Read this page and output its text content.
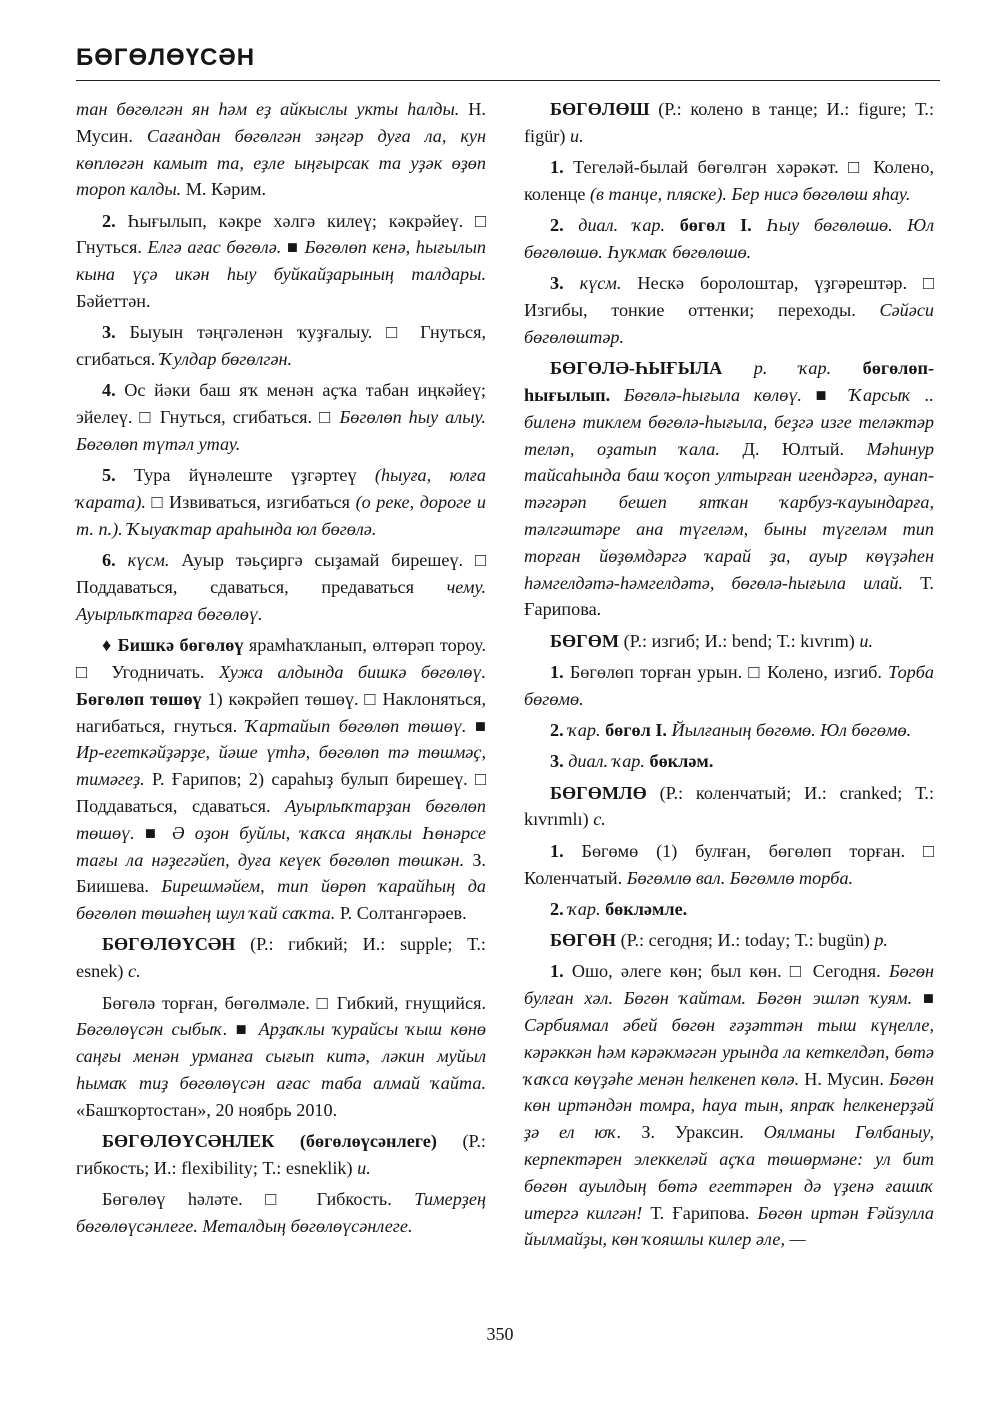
БӨГӨЛӨҮСӘН

тан бөгөлгән ян һәм еҙ айкыслы укты һалды. Н. Мусин. Сағандан бөгөлгән зәңгәр дуға ла, кун көплөгән камыт та, еҙле ыңғырсак та уҙәк өҙөп тороп калды. М. Кәрим.

2. Һығылып, кәкре хәлгә килеү; кәкрәйеү. □ Гнуться. Елгә ағас бөгөлә. ■ Бөгөлөп кенә, һығылып кына үҫә икән һыу буйкайҙарының талдары. Бәйеттән.

3. Быуын тәңгәленән ҡуҙғалыу. □ Гнуться, сгибаться. Ҡулдар бөгөлгән.

4. Ос йәки баш яҡ менән аҫҡа табан иңкәйеү; эйелеү. □ Гнуться, сгибаться. □ Бөгөлөп һыу алыу. Бөгөлөп түтәл утау.

5. Тура йүнәлеште үҙгәртеү (һыуға, юлға ҡарата). □ Извиваться, изгибаться (о реке, дороге и т. п.). Ҡыуаҡтар араһында юл бөгөлә.

6. күсм. Ауыр тәьҫиргә сыҙамай бирешеү. □ Поддаваться, сдаваться, предаваться чему. Ауырлыҡтарға бөгөлөү.

♦ Бишкә бөгөлөү ярамһаҡланып, өлтөрәп тороу. □ Угодничать. Хужа алдында бишкә бөгөлөү. Бөгөлөп төшөү 1) кәкрәйеп төшөү. □ Наклоняться, нагибаться, гнуться. Ҡартайып бөгөлөп төшөү. ■ Ир-егеткәйҙәрҙе, йәше үтһә, бөгөлөп тә төшмәҫ, тимәгеҙ. Р. Ғарипов; 2) сараһыҙ булып бирешеү. □ Поддаваться, сдаваться. Ауырлыҡтарҙан бөгөлөп төшөү. ■ Ә оҙон буйлы, ҡаҡса яңаҡлы Һөнәрсе тағы ла нәҙегәйеп, дуға кеүек бөгөлөп төшкән. З. Биишева. Бирешмәйем, тип йөрөп ҡарайһың да бөгөлөп төшәһең шул ҡай саҡта. Р. Солтангәрәев.

БӨГӨЛӨҮСӘН (Р.: гибкий; И.: supple; Т.: esnek) с.

Бөгөлә торған, бөгөлмәле. □ Гибкий, гнущийся. Бөгөлөүсән сыбыҡ. ■ Арҙаҡлы ҡурайсы ҡыш көнө саңғы менән урманға сығып китә, ләкин муйыл һымаҡ тиҙ бөгөлөүсән ағас таба алмай ҡайта. «Башҡортостан», 20 ноябрь 2010.

БӨГӨЛӨҮСӘНЛЕК (бөгөлөүсәнлеге) (Р.: гибкость; И.: flexibility; Т.: esneklik) и.

Бөгөлөү һәләте. □ Гибкость. Тимерҙең бөгөлөүсәнлеге. Металдың бөгөлөүсәнлеге.

БӨГӨЛӨШ (Р.: колено в танце; И.: figure; Т.: figür) и.

1. Тегеләй-былай бөгөлгән хәрәкәт. □ Колено, коленце (в танце, пляске). Бер нисә бөгөлөш яһау.

2. диал. ҡар. бөгөл I. Һыу бөгөлөшө. Юл бөгөлөшө. Һуҡмаҡ бөгөлөшө.

3. күсм. Нескә боролоштар, үҙгәрештәр. □ Изгибы, тонкие оттенки; переходы. Сәйәси бөгөлөштәр.

БӨГӨЛӘ-ҺЫҒЫЛА р. ҡар. бөгөлөп-һығылып. Бөгөлә-һығыла көлөү. ■ Ҡарсыҡ .. биленә тиклем бөгөлә-һығыла, беҙгә изге теләктәр теләп, оҙатып ҡала. Д. Юлтый. Мәһинур тайсаһында баш ҡоҫоп ултырған игендәргә, аунап-тәгәрәп бешеп ятҡан ҡарбуз-ҡауындарға, тәлгәштәре ана түгеләм, быны түгеләм тип торған йөҙөмдәргә ҡарай ҙа, ауыр көүҙәһен һәмгелдәтә-һәмгелдәтә, бөгөлә-һығыла илай. Т. Ғарипова.

БӨГӨМ (Р.: изгиб; И.: bend; Т.: kıvrım) и.

1. Бөгөлөп торған урын. □ Колено, изгиб. Торба бөгөмө.

2. ҡар. бөгөл I. Йылғаның бөгөмө. Юл бөгөмө.

3. диал. ҡар. бөкләм.

БӨГӨМЛӨ (Р.: коленчатый; И.: cranked; Т.: kıvrımlı) с.

1. Бөгөмө (1) булған, бөгөлөп торған. □ Коленчатый. Бөгөмлө вал. Бөгөмлө торба.

2. ҡар. бөкләмле.

БӨГӨН (Р.: сегодня; И.: today; Т.: bugün) р.

1. Ошо, әлеге көн; был көн. □ Сегодня. Бөгөн булған хәл. Бөгөн ҡайтам. Бөгөн эшләп ҡуям. ■ Сәрбиямал әбей бөгөн ғәҙәттән тыш күңелле, кәрәккән һәм кәрәкмәгән урында ла кеткелдәп, бөтә ҡаҡса көүҙәһе менән һелкенеп көлә. Н. Мусин. Бөгөн көн иртәндән томра, һауа тын, япраҡ һелкенерҙәй ҙә ел юҡ. З. Ураксин. Оялманы Гөлбаныу, керпектәрен элеккеләй аҫҡа төшөрмәне: ул бит бөгөн ауылдың бөтә егеттәрен дә үҙенә ғашиҡ итергә килгән! Т. Ғарипова. Бөгөн иртән Ғәйзулла йылмайҙы, көн ҡояшлы килер әле, —

350
